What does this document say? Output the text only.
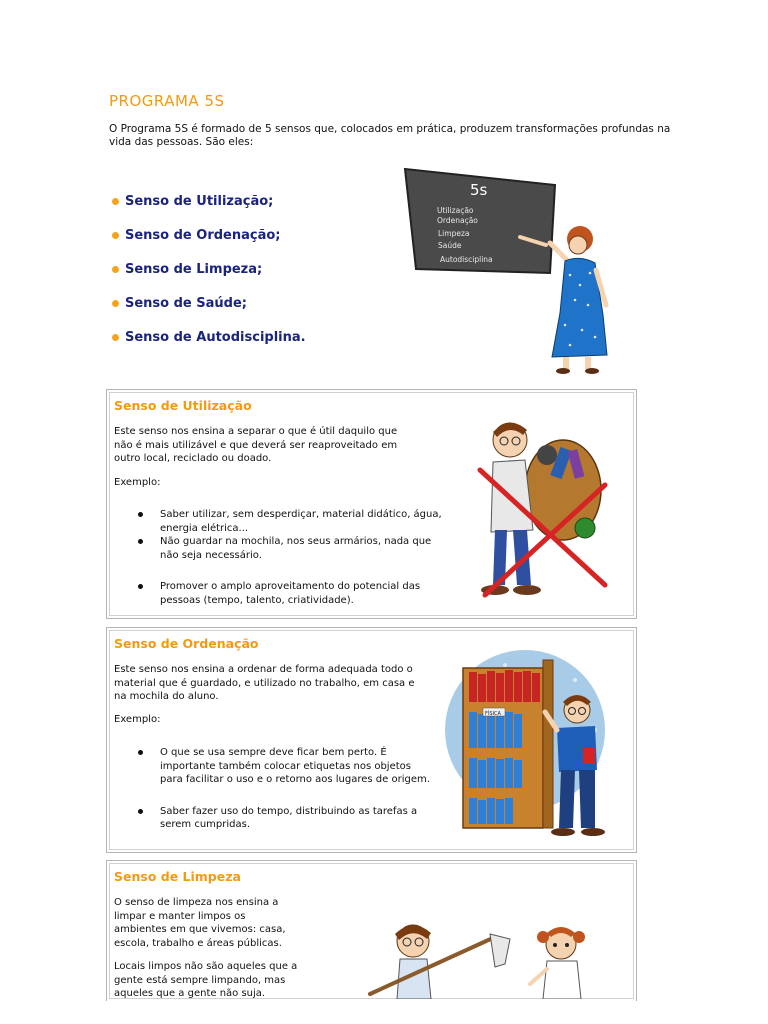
PROGRAMA 5S
O Programa 5S é formado de 5 sensos que, colocados em prática, produzem transformações profundas na vida das pessoas. São eles:
Senso de Utilização;
Senso de Ordenação;
Senso de Limpeza;
Senso de Saúde;
Senso de Autodisciplina.
5s
Utilização
Ordenação
Limpeza
Saúde
Autodisciplina
Senso de Utilização
Este senso nos ensina a separar o que é útil daquilo que não é mais utilizável e que deverá ser reaproveitado em outro local, reciclado ou doado.
Exemplo:
Saber utilizar, sem desperdiçar, material didático, água, energia elétrica...
Não guardar na mochila, nos seus armários, nada que não seja necessário.
Promover o amplo aproveitamento do potencial das pessoas (tempo, talento, criatividade).
Senso de Ordenação
Este senso nos ensina a ordenar de forma adequada todo o material que é guardado, e utilizado no trabalho, em casa e na mochila do aluno.
Exemplo:
O que se usa sempre deve ficar bem perto. É importante também colocar etiquetas nos objetos para facilitar o uso e o retorno aos lugares de origem.
Saber fazer uso do tempo, distribuindo as tarefas a serem cumpridas.
FÍSICA
Senso de Limpeza
O senso de limpeza nos ensina a limpar e manter limpos os ambientes em que vivemos: casa, escola, trabalho e áreas públicas.
Locais limpos não são aqueles que a gente está sempre limpando, mas aqueles que a gente não suja.
